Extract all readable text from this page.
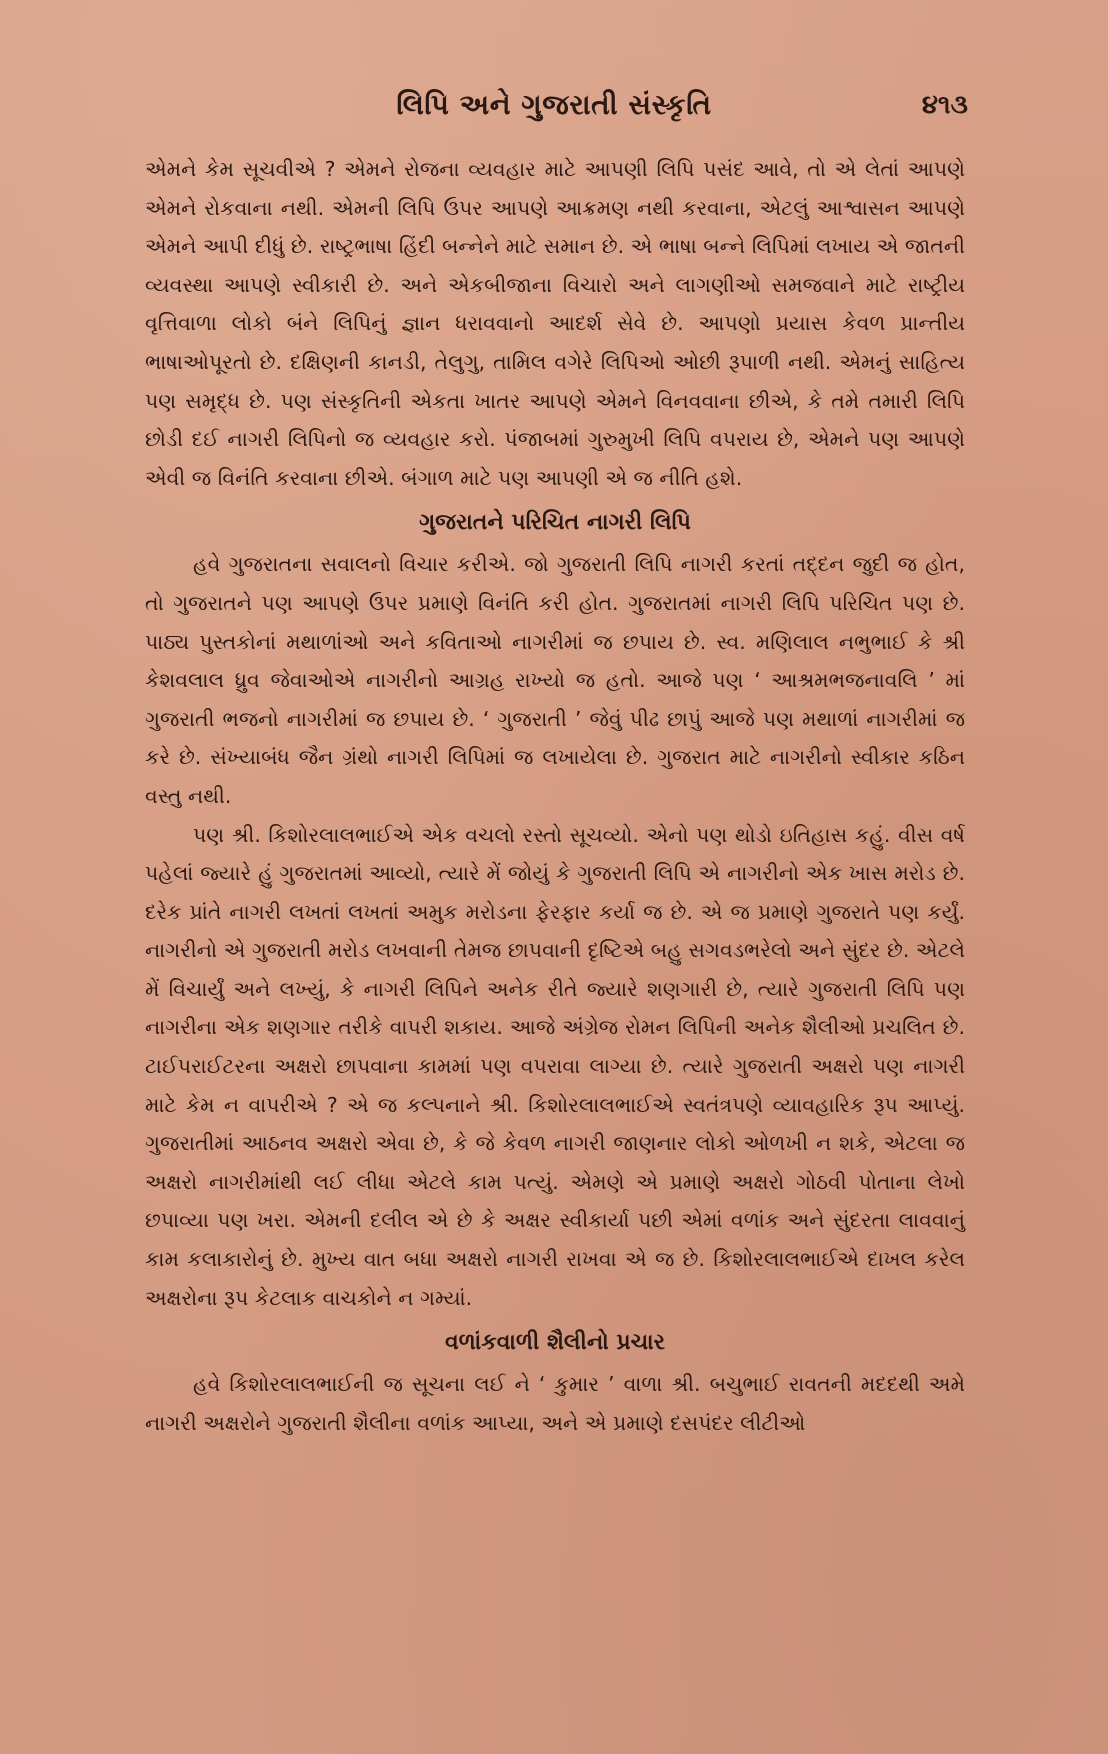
લિપિ અને ગુજરાતી સંસ્કૃતિ	૪૧૩

એમને કેમ સૂચવીએ ? એમને રોજના વ્યવહાર માટે આપણી લિપિ પસંદ આવે, તો એ લેતાં આપણે એમને રોકવાના નથી. એમની લિપિ ઉપર આપણે આક્રમણ નથી કરવાના, એટલું આશ્વાસન આપણે એમને આપી દીધું છે. રાષ્ટ્રભાષા હિંદી બન્નેને માટે સમાન છે. એ ભાષા બન્ને લિપિમાં લખાય એ જાતની વ્યવસ્થા આપણે સ્વીકારી છે. અને એકબીજાના વિચારો અને લાગણીઓ સમજવાને માટે રાષ્ટ્રીય વૃત્તિવાળા લોકો બંને લિપિનું જ્ઞાન ધરાવવાનો આદર્શ સેવે છે. આપણો પ્રયાસ કેવળ પ્રાન્તીય ભાષાઓપૂરતો છે. દક્ષિણની કાનડી, તેલુગુ, તામિલ વગેરે લિપિઓ ઓછી રૂપાળી નથી. એમનું સાહિત્ય પણ સમૃદ્ધ છે. પણ સંસ્કૃતિની એકતા ખાતર આપણે એમને વિનવવાના છીએ, કે તમે તમારી લિપિ છોડી દઈ નાગરી લિપિનો જ વ્યવહાર કરો. પંજાબમાં ગુરુમુખી લિપિ વપરાય છે, એમને પણ આપણે એવી જ વિનંતિ કરવાના છીએ. બંગાળ માટે પણ આપણી એ જ નીતિ હશે.

ગુજરાતને પરિચિત નાગરી લિપિ

હવે ગુજરાતના સવાલનો વિચાર કરીએ. જો ગુજરાતી લિપિ નાગરી કરતાં તદ્દન જુદી જ હોત, તો ગુજરાતને પણ આપણે ઉપર પ્રમાણે વિનંતિ કરી હોત. ગુજરાતમાં નાગરી લિપિ પરિચિત પણ છે. પાઠ્ય પુસ્તકોનાં મથાળાંઓ અને કવિતાઓ નાગરીમાં જ છપાય છે. સ્વ. મણિલાલ નભુભાઈ કે શ્રી કેશવલાલ ધ્રુવ જેવાઓએ નાગરીનો આગ્રહ રાખ્યો જ હતો. આજે પણ ‘ આશ્રમભજનાવલિ ’ માં ગુજરાતી ભજનો નાગરીમાં જ છપાય છે. ‘ ગુજરાતી ’ જેવું પીઢ છાપું આજે પણ મથાળાં નાગરીમાં જ કરે છે. સંખ્યાબંધ જૈન ગ્રંથો નાગરી લિપિમાં જ લખાયેલા છે. ગુજરાત માટે નાગરીનો સ્વીકાર કઠિન વસ્તુ નથી.

પણ શ્રી. કિશોરલાલભાઈએ એક વચલો રસ્તો સૂચવ્યો. એનો પણ થોડો ઇતિહાસ કહું. વીસ વર્ષ પહેલાં જ્યારે હું ગુજરાતમાં આવ્યો, ત્યારે મેં જોયું કે ગુજરાતી લિપિ એ નાગરીનો એક ખાસ મરોડ છે. દરેક પ્રાંતે નાગરી લખતાં લખતાં અમુક મરોડના ફેરફાર કર્યા જ છે. એ જ પ્રમાણે ગુજરાતે પણ કર્યું. નાગરીનો એ ગુજરાતી મરોડ લખવાની તેમજ છાપવાની દૃષ્ટિએ બહુ સગવડભરેલો અને સુંદર છે. એટલે મેં વિચાર્યું અને લખ્યું, કે નાગરી લિપિને અનેક રીતે જ્યારે શણગારી છે, ત્યારે ગુજરાતી લિપિ પણ નાગરીના એક શણગાર તરીકે વાપરી શકાય. આજે અંગ્રેજ રોમન લિપિની અનેક શૈલીઓ પ્રચલિત છે. ટાઈપરાઈટરના અક્ષરો છાપવાના કામમાં પણ વપરાવા લાગ્યા છે. ત્યારે ગુજરાતી અક્ષરો પણ નાગરી માટે કેમ ન વાપરીએ ? એ જ કલ્પનાને શ્રી. કિશોરલાલભાઈએ સ્વતંત્રપણે વ્યાવહારિક રૂપ આપ્યું. ગુજરાતીમાં આઠનવ અક્ષરો એવા છે, કે જે કેવળ નાગરી જાણનાર લોકો ઓળખી ન શકે, એટલા જ અક્ષરો નાગરીમાંથી લઈ લીધા એટલે કામ પત્યું. એમણે એ પ્રમાણે અક્ષરો ગોઠવી પોતાના લેખો છપાવ્યા પણ ખરા. એમની દલીલ એ છે કે અક્ષર સ્વીકાર્યા પછી એમાં વળાંક અને સુંદરતા લાવવાનું કામ કલાકારોનું છે. મુખ્ય વાત બધા અક્ષરો નાગરી રાખવા એ જ છે. કિશોરલાલભાઈએ દાખલ કરેલ અક્ષરોના રૂપ કેટલાક વાચકોને ન ગમ્યાં.

વળાંકવાળી શૈલીનો પ્રચાર

હવે કિશોરલાલભાઈની જ સૂચના લઈ ને ‘ કુમાર ’ વાળા શ્રી. બચુભાઈ રાવતની મદદથી અમે નાગરી અક્ષરોને ગુજરાતી શૈલીના વળાંક આપ્યા, અને એ પ્રમાણે દસપંદર લીટીઓ
